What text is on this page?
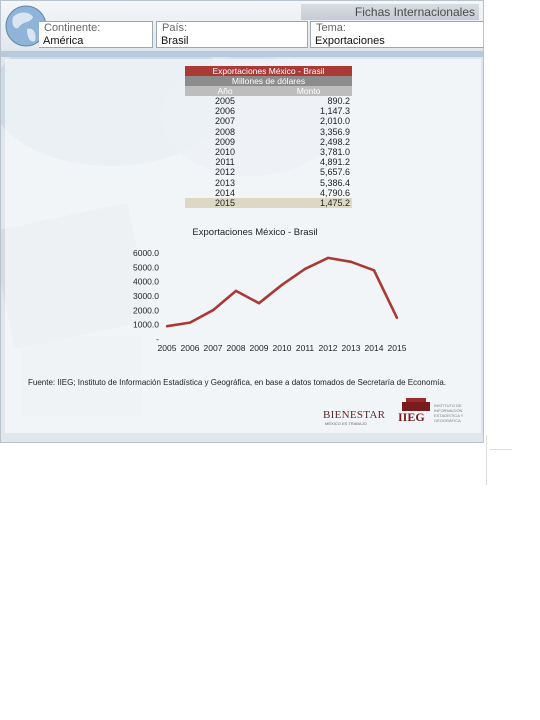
Fichas Internacionales
Continente:
América
País:
Brasil
Tema:
Exportaciones
Exportaciones México - Brasil
Millones de dólares
Año	Monto
2005	890.2
2006	1,147.3
2007	2,010.0
2008	3,356.9
2009	2,498.2
2010	3,781.0
2011	4,891.2
2012	5,657.6
2013	5,386.4
2014	4,790.6
2015	1,475.2
Exportaciones México - Brasil
-
1000.0
2000.0
3000.0
4000.0
5000.0
6000.0
2005 2006 2007 2008 2009 2010 2011 2012 2013 2014 2015
Fuente: IIEG; Instituto de Información Estadística y Geográfica, en base a datos tomados de Secretaría de Economía.
BIENESTAR
MÉXICO ES TRABAJO	IIEG
INSTITUTO DE INFORMACIÓN ESTADÍSTICA Y GEOGRÁFICA
